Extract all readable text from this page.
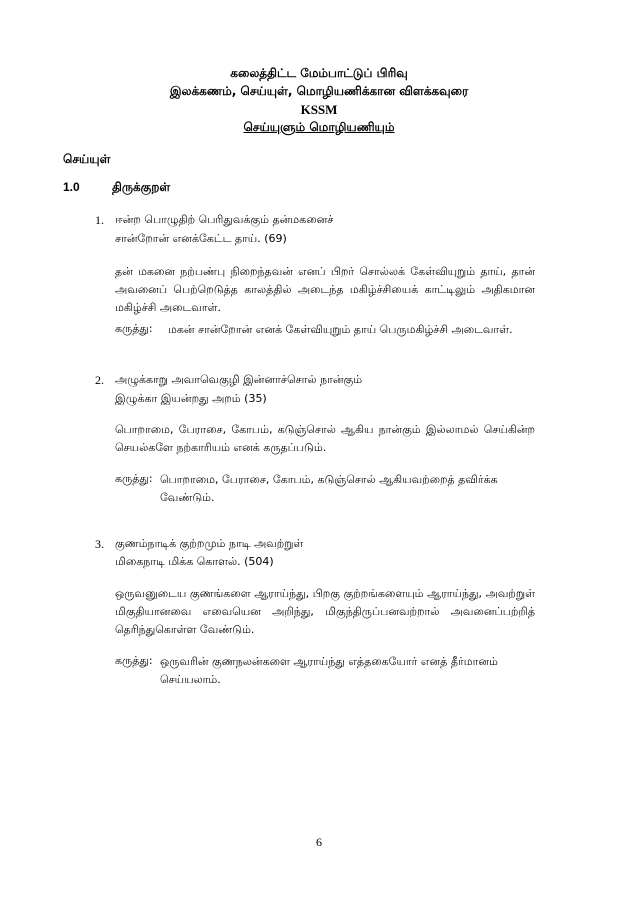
கலைத்திட்ட மேம்பாட்டுப் பிரிவு
இலக்கணம், செய்யுள், மொழியணிக்கான விளக்கவுரை
KSSM
செய்யுளும் மொழியணியும்
செய்யுள்
1.0	திருக்குறள்
1. ஈன்ற பொழுதிற் பெரிதுவக்கும் தன்மகனைச்
சான்றோன் எனக்கேட்ட தாய். (69)
தன் மகனை நற்பண்பு நிறைந்தவன் எனப் பிறர் சொல்லக் கேள்வியுறும் தாய், தான் அவனைப் பெற்றெடுத்த காலத்தில் அடைந்த மகிழ்ச்சியைக் காட்டிலும் அதிகமான மகிழ்ச்சி அடைவாள்.
கருத்து: மகன் சான்றோன் எனக் கேள்வியுறும் தாய் பெருமகிழ்ச்சி அடைவாள்.
2. அழுக்காறு அவாவெகுழி இன்னாச்சொல் நான்கும்
இழுக்கா இயன்றது அறம் (35)
பொறாமை, பேராசை, கோபம், கடுஞ்சொல் ஆகிய நான்கும் இல்லாமல் செய்கின்ற செயல்களே நற்காரியம் எனக் கருதப்படும்.
கருத்து: பொறாமை, பேராசை, கோபம், கடுஞ்சொல் ஆகியவற்றைத் தவிர்க்க வேண்டும்.
3. குணம்நாடிக் குற்றமும் நாடி அவற்றுள்
மிகைநாடி மிக்க கொளல். (504)
ஒருவனுடைய குணங்களை ஆராய்ந்து, பிறகு குற்றங்களையும் ஆராய்ந்து, அவற்றுள் மிகுதியானவை எவையென அறிந்து, மிகுந்திருப்பனவற்றால் அவனைப்பற்றித் தெரிந்துகொள்ள வேண்டும்.
கருத்து: ஒருவரின் குணநலன்களை ஆராய்ந்து எத்தகையோர் எனத் தீர்மானம் செய்யலாம்.
6
